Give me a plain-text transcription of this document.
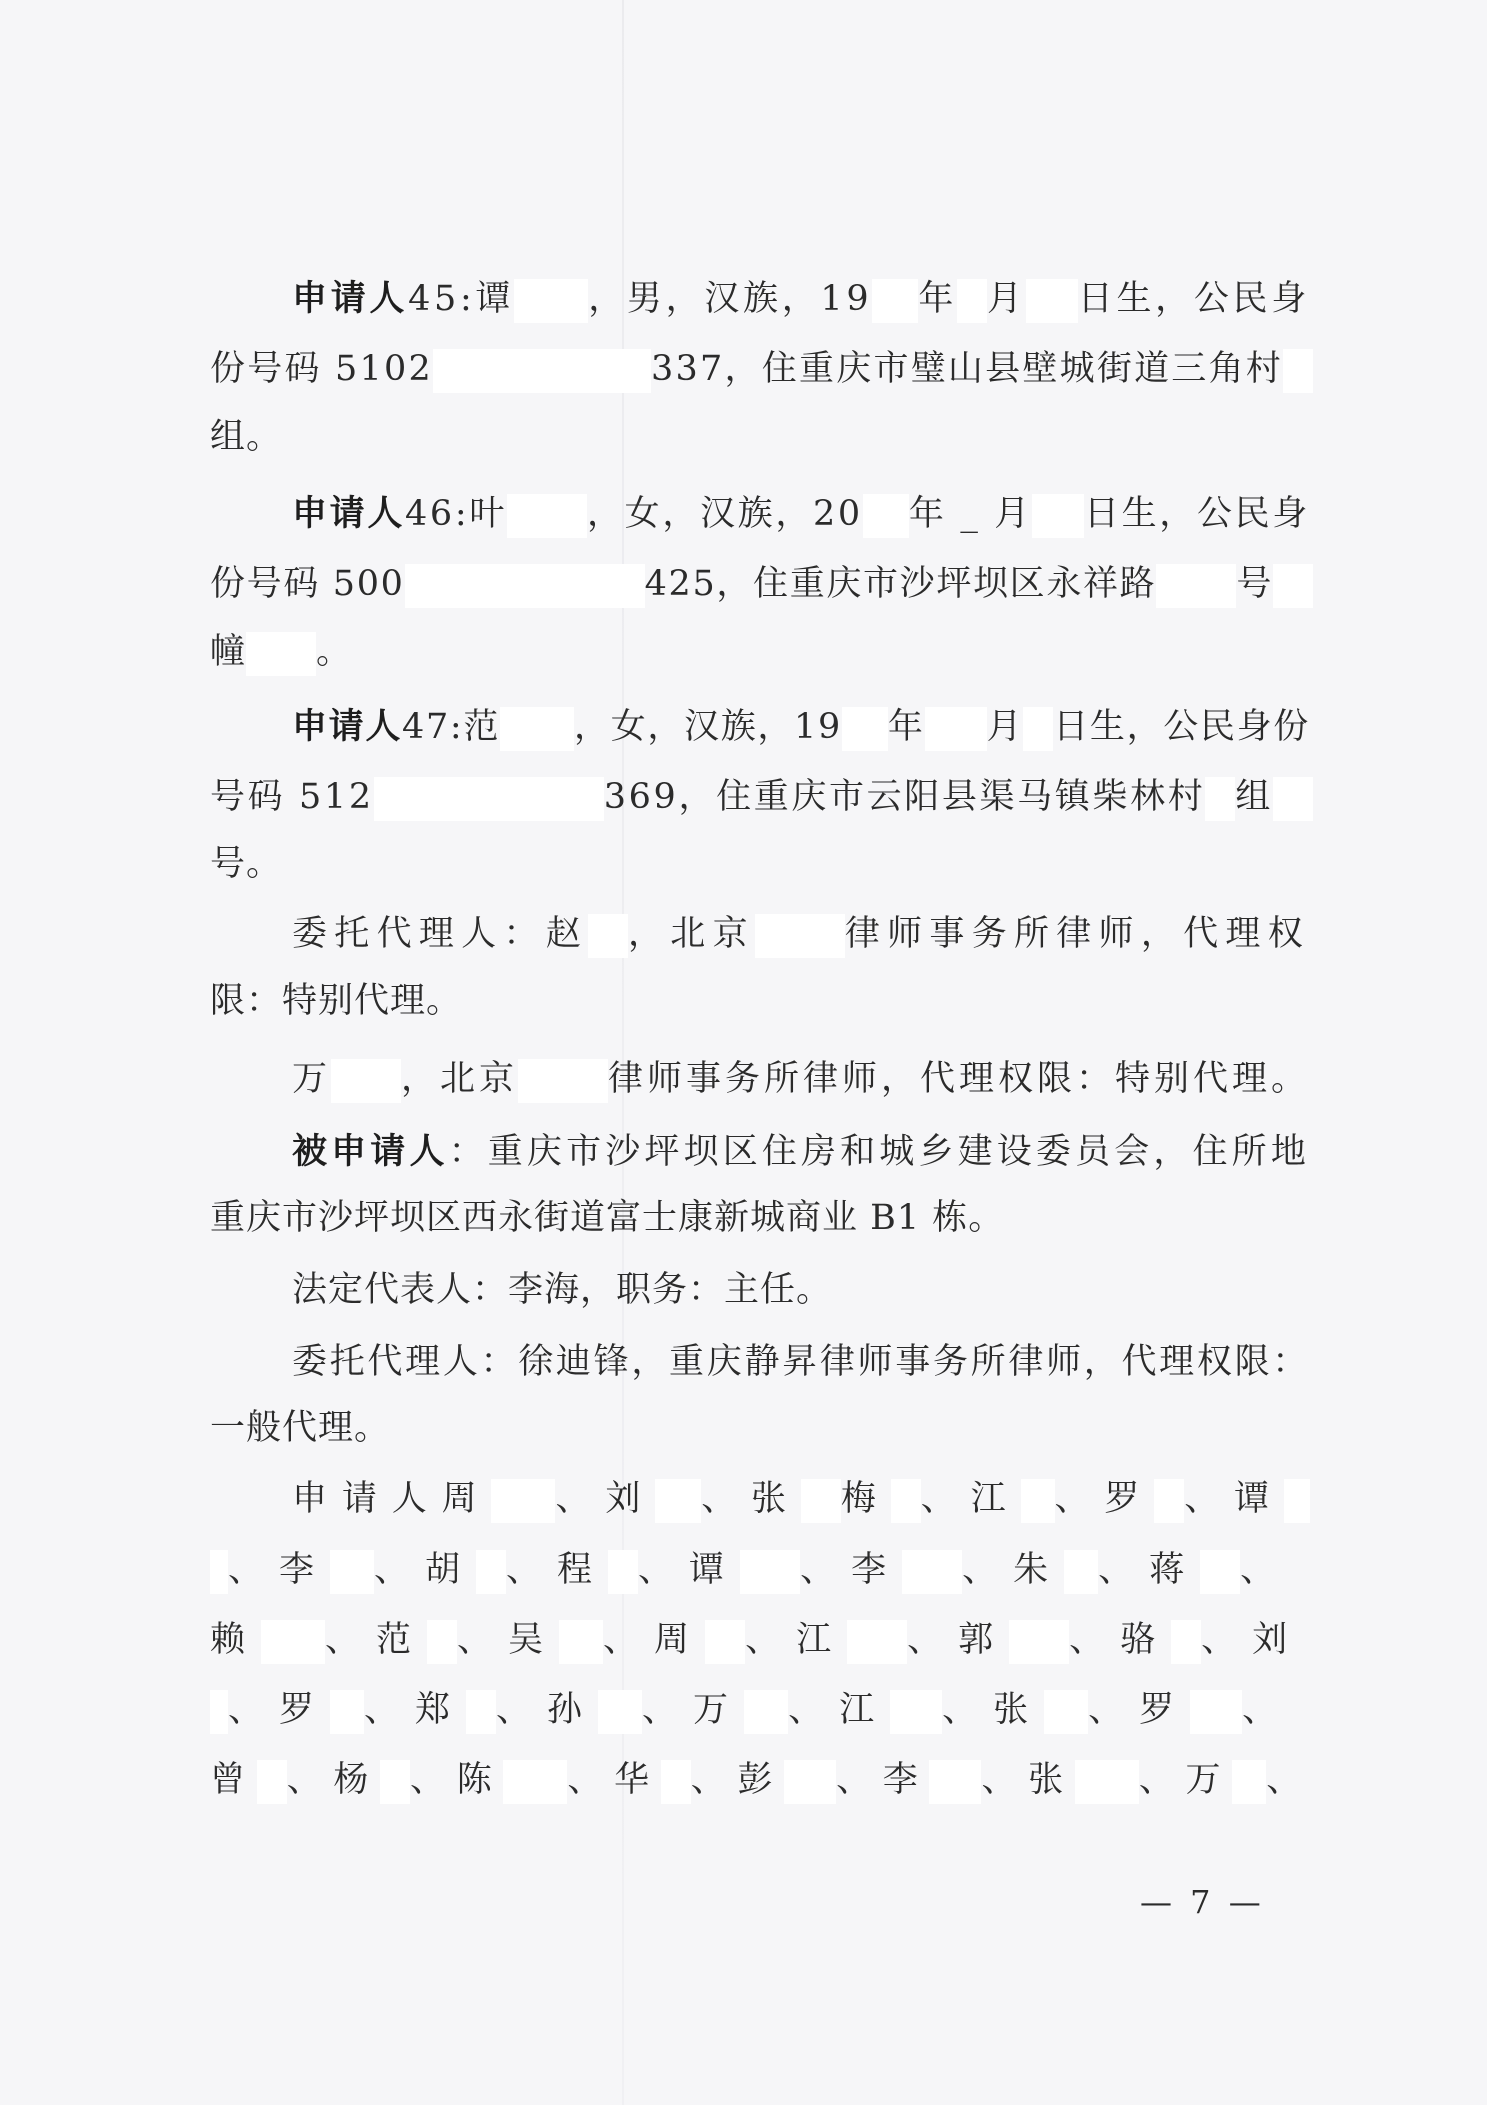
申请人45:谭 ，男，汉族，19 年 月 日生，公民身
份号码 5102	337，住重庆市璧山县壁城街道三角村
组。
申请人46:叶 ，女，汉族，20 年 _ 月 日生，公民身
份号码 500	425，住重庆市沙坪坝区永祥路 号
幢 。
申请人47:范 ，女，汉族，19 年 月 日生，公民身份
号码 512	369，住重庆市云阳县渠马镇柴林村 组
号。
委托代理人：赵 ，北京	律师事务所律师，代理权
限：特别代理。
万 ，北京	律师事务所律师，代理权限：特别代理。
被申请人：重庆市沙坪坝区住房和城乡建设委员会，住所地
重庆市沙坪坝区西永街道富士康新城商业 B1 栋。
法定代表人：李海，职务：主任。
委托代理人：徐迪锋，重庆静昇律师事务所律师，代理权限：
一般代理。
申请人周 、刘 、张 梅 、江 、罗 、谭
、李 、胡 、程 、谭 、李 、朱 、蒋 、
赖 、范 、吴 、周 、江 、郭 、骆 、刘
、罗 、郑 、孙 、万 、江 、张 、罗 、
曾 、杨 、陈 、华 、彭 、李 、张 、万 、
— 7 —
